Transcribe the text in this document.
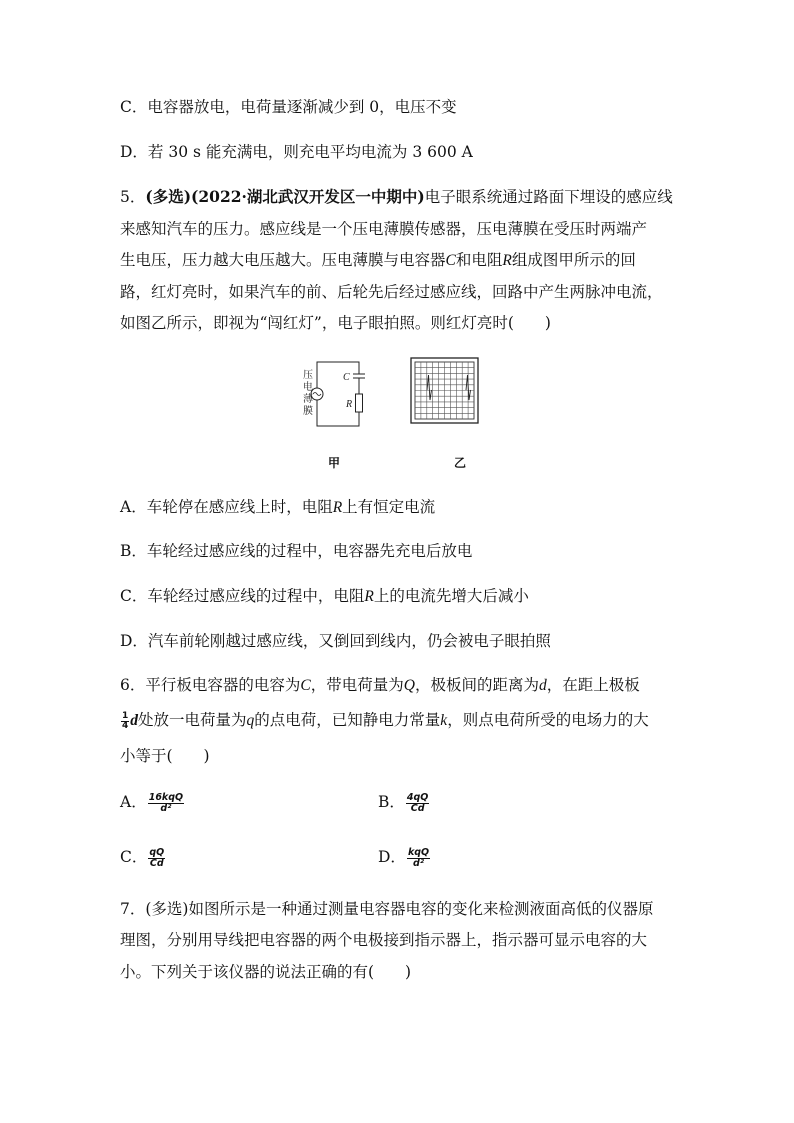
C．电容器放电，电荷量逐渐减少到 0，电压不变
D．若 30 s 能充满电，则充电平均电流为 3 600 A
5．(多选)(2022·湖北武汉开发区一中期中)电子眼系统通过路面下埋设的感应线
来感知汽车的压力。感应线是一个压电薄膜传感器，压电薄膜在受压时两端产
生电压，压力越大电压越大。压电薄膜与电容器C和电阻R组成图甲所示的回
路，红灯亮时，如果汽车的前、后轮先后经过感应线，回路中产生两脉冲电流，
如图乙所示，即视为“闯红灯”，电子眼拍照。则红灯亮时(　　)
压
电
薄
膜
C
R
甲	乙
A．车轮停在感应线上时，电阻R上有恒定电流
B．车轮经过感应线的过程中，电容器先充电后放电
C．车轮经过感应线的过程中，电阻R上的电流先增大后减小
D．汽车前轮刚越过感应线，又倒回到线内，仍会被电子眼拍照
6．平行板电容器的电容为C，带电荷量为Q，极板间的距离为d，在距上极板
$\frac{1}{4}$ d处放一电荷量为q的点电荷，已知静电力常量k，则点电荷所受的电场力的大
小等于(　　)
A． $\frac{\text{16kqQ}}{\text{d²}}$	B． $\frac{4qQ}{Cd}$
C． $\frac{qQ}{Cd}$	D． $\frac{\text{kqQ}}{\text{d²}}$
7．(多选)如图所示是一种通过测量电容器电容的变化来检测液面高低的仪器原
理图，分别用导线把电容器的两个电极接到指示器上，指示器可显示电容的大
小。下列关于该仪器的说法正确的有(　　)
